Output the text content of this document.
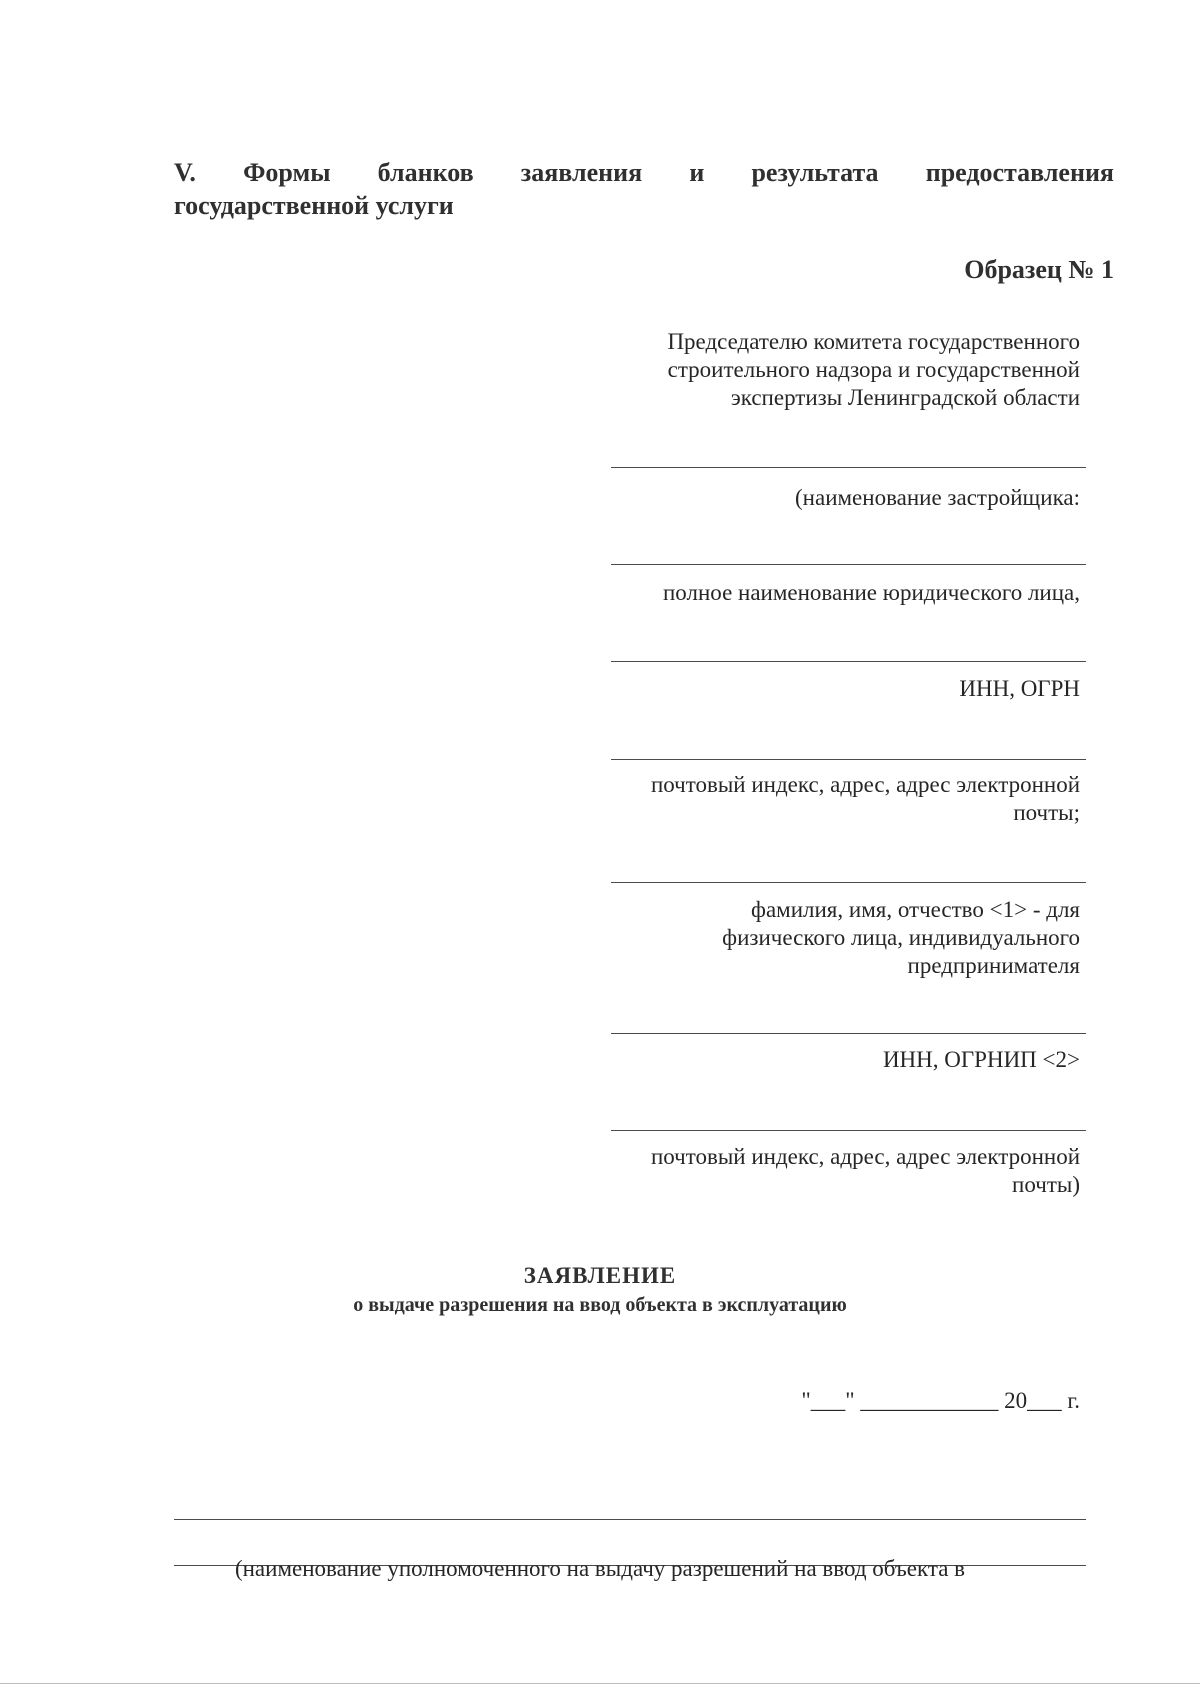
V. Формы бланков заявления и результата предоставления
государственной услуги
Образец № 1
Председателю комитета государственного
строительного надзора и государственной
экспертизы Ленинградской области
(наименование застройщика:
полное наименование юридического лица,
ИНН, ОГРН
почтовый индекс, адрес, адрес электронной
почты;
фамилия, имя, отчество <1> - для
физического лица, индивидуального
предпринимателя
ИНН, ОГРНИП <2>
почтовый индекс, адрес, адрес электронной
почты)
ЗАЯВЛЕНИЕ
о выдаче разрешения на ввод объекта в эксплуатацию
"___" ____________ 20___ г.
(наименование уполномоченного на выдачу разрешений на ввод объекта в
